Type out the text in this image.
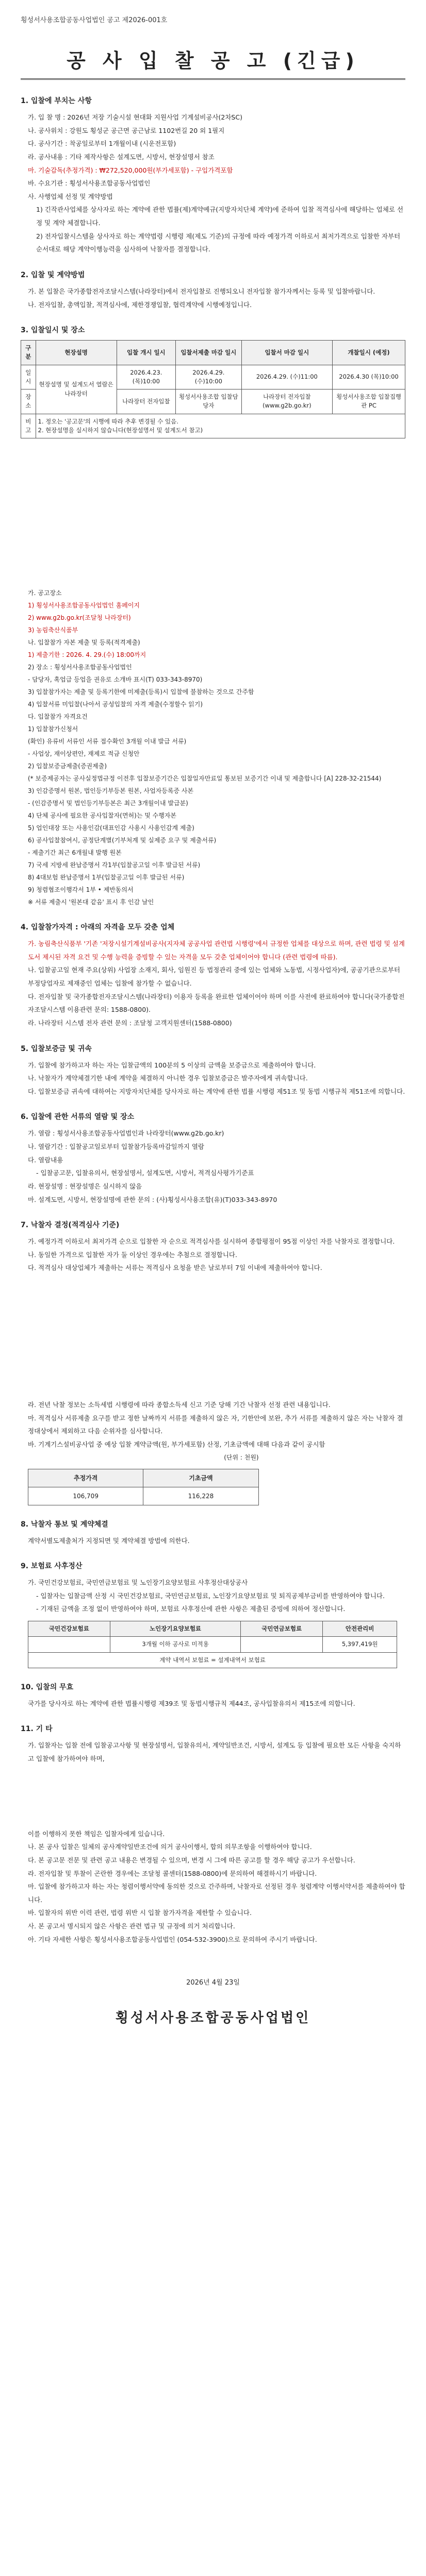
횡성서사용조합공동사업법인 공고 제2026-001호
공 사 입 찰 공 고 (긴급)
1. 입찰에 부치는 사항
가. 입 찰 명 : 2026년 저장 기술시설 현대화 지원사업 기계설비공사(2차SC)
나. 공사위치 : 강원도 횡성군 공근면 공근남로 1102번길 20 외 1필지
다. 공사기간 : 착공일로부터 1개월이내 (시운전포함)
라. 공사내용 : 기타 제작사항은 설계도면, 시방서, 현장설명서 참조
마. 기술감독(추정가격) : ₩272,520,000원(부가세포함) - 구입가격포함
바. 수요기관 : 횡성서사용조합공동사업법인
사. 사행업체 선정 및 계약방법
1) 긴작관사업체를 상사자로 하는 계약에 관한 법률(제)계약예규(지방자치단체 계약)에 준하여 입찰 적격심사에 해당하는 업체로 선정 및 계약 체결합니다.
2) 전자입찰시스템을 상사자로 하는 계약법령 시행령 제(제도 기준)의 규정에 따라 예정가격 이하로서 최저가격으로 입찰한 자부터 순서대로 해당 계약이행능력을 심사하여 낙찰자를 결정합니다.
2. 입찰 및 계약방법
가. 본 입찰은 국가종합전자조달시스템(나라장터)에서 전자입찰로 진행되오니 전자입찰 참가자께서는 등록 및 입찰바랍니다.
나. 전자입찰, 총액입찰, 적격심사에, 제한경쟁입찰, 협력계약에 시행예정입니다.
3. 입찰일시 및 장소
구분	현장설명	입찰 개시 일시	입찰서제출 마감 일시	입찰서 마감 일시	개찰일시 (예정)
일시	현장설명 및 설계도서 열람은 나라장터	2026.4.23. (목)10:00	2026.4.29. (수)10:00	2026.4.29. (수)11:00	2026.4.30 (목)10:00
장소		나라장터 전자입찰	횡성서사용조합 입찰담당자	나라장터 전자입찰 (www.g2b.go.kr)	횡성서사용조합 입찰집행관 PC
비고	1. 정오는 '공고문'의 시행에 따라 추후 변경될 수 있음.
2. 현장설명을 실시하지 않습니다(현장설명서 및 설계도서 참고)				
가. 공고장소
1) 횡성서사용조합공동사업법인 홈페이지
2) www.g2b.go.kr(조달청 나라장터)
3) 농림축산식품부
나. 입찰참가 자본 제출 및 등록(적격제출)
1) 제출기한 : 2026. 4. 29.(수) 18:00까지
2) 장소 : 횡성서사용조합공동사업법인
- 담당자, 혹업급 등업을 권유로 소개바 표시(T) 033-343-8970)
3) 입찰참가자는 제출 및 등록기한에 미제출(등록)시 입찰에 불참하는 것으로 간주함
4) 입찰서류 미입찰(나아서 공성입찰의 자격 제출(수정할수 읽기)
다. 입찰참가 자격요건
1) 입찰참가신청서
(확인) 유류비 서류인 서류 접수확인 3개월 이내 발급 서류)
- 사업상, 재이상편안, 재제로 적금 신청안
2) 입찰보증금제출(증권제출)
(* 보증제공자는 공사실정법규정 이전후 입찰보증기간은 입찰일자만료일 통보된 보증기간 이내 및 제출합니다 [A] 228-32-21544)
3) 인감증명서 원본, 법인등기부등본 원본, 사업자등록증 사본
- (인감증명서 및 법인등기부등본은 최근 3개월이내 발급분)
4) 단체 공사에 필요한 공사입찰자(면허)는 및 수행자본
5) 업인대장 또는 사용인감(대표인감 사용시 사용인감계 제출)
6) 공사입찰참여시, 공정단계별(기부처계 및 실제증 요구 및 제출서류)
- 제출기간 최근 6개월내 발행 원본
7) 국세 지방세 완납증명서 각1부(입찰공고일 이후 발급된 서류)
8) 4대보험 완납증명서 1부(입찰공고일 이후 발급된 서류)
9) 청렴협조이행각서 1부 • 제반동의서
※ 서류 제출시 '원본대 같음' 표시 후 인감 날인
4. 입찰참가자격 : 아래의 자격을 모두 갖춘 업체
가. 농림축산식품부 '기존 '저장시설기계설비공사(지자체 공공사업 관련법 시행령'에서 규정한 업체를 대상으로 하며, 관련 법령 및 설계도서 제시된 자격 요건 및 수행 능력을 증빙할 수 있는 자격을 모두 갖춘 업체이어야 합니다 (관련 법령에 따름).
나. 입찰공고일 현재 주요(상위) 사업장 소재지, 회사, 임원진 등 법정관리 중에 있는 업체와 노동법, 시정사업자)에, 공공기관으로부터 부정당업자로 제재중인 업체는 입찰에 참가할 수 없습니다.
다. 전자입찰 및 국가종합전자조달시스템(나라장터) 이용자 등록을 완료한 업체이어야 하며 이를 사전에 완료하여야 합니다(국가종합전자조달시스템 이용관련 문의: 1588-0800).
라. 나라장터 시스템 전자 관련 문의 : 조달청 고객지원센터(1588-0800)
5. 입찰보증금 및 귀속
가. 입찰에 참가하고자 하는 자는 입찰금액의 100분의 5 이상의 금액을 보증금으로 제출하여야 합니다.
나. 낙찰자가 계약체결기한 내에 계약을 체결하지 아니한 경우 입찰보증금은 발주자에게 귀속합니다.
다. 입찰보증금 귀속에 대하여는 지방자치단체를 당사자로 하는 계약에 관한 법률 시행령 제51조 및 동법 시행규칙 제51조에 의합니다.
6. 입찰에 관한 서류의 열람 및 장소
가. 열람 : 횡성서사용조합공동사업법인과 나라장터(www.g2b.go.kr)
나. 열람기간 : 입찰공고일로부터 입찰참가등록마감일까지 열람
다. 열람내용
- 입찰공고문, 입찰유의서, 현장설명서, 설계도면, 시방서, 적격심사평가기준표
라. 현장설명 : 현장설명은 실시하지 않음
마. 설계도면, 시방서, 현장설명에 관한 문의 : (사)횡성서사용조합(유)(T)033-343-8970
7. 낙찰자 결정(적격심사 기준)
가. 예정가격 이하로서 최저가격 순으로 입찰한 자 순으로 적격심사를 실시하여 종합평점이 95점 이상인 자를 낙찰자로 결정합니다.
나. 동일한 가격으로 입찰한 자가 둘 이상인 경우에는 추첨으로 결정합니다.
다. 적격심사 대상업체가 제출하는 서류는 적격심사 요청을 받은 날로부터 7일 이내에 제출하여야 합니다.
라. 전년 낙찰 정보는 소득세법 시행령에 따라 종합소득세 신고 기준 당해 기간 낙찰자 선정 관련 내용입니다.
마. 적격심사 서류제출 요구를 받고 정한 날짜까지 서류를 제출하지 않은 자, 기한안에 보완, 추가 서류를 제출하지 않은 자는 낙찰자 결정대상에서 제외하고 다음 순위자를 심사합니다.
바. 기계기스설비공사업 중 예상 입찰 계약금액(원, 부가세포함) 산정, 기초금액에 대해 다음과 같이 공시함
(단위 : 천원)
추정가격	기초금액
106,709	116,228
8. 낙찰자 통보 및 계약체결
계약서별도제출처가 지정되면 및 계약체결 방법에 의한다.
9. 보험료 사후정산
가. 국민건강보험료, 국민연금보험료 및 노인장기요양보험료 사후정산대상공사
- 입찰자는 입찰금액 산정 시 국민건강보험료, 국민연금보험료, 노인장기요양보험료 및 퇴직공제부금비를 반영하여야 합니다.
- 기재된 금액을 조정 없이 반영하여야 하며, 보험료 사후정산에 관한 사항은 제출된 증빙에 의하여 정산합니다.
국민건강보험료	노인장기요양보험료	국민연금보험료	안전관리비
	3개월 이하 공사로 미적용		5,397,419원
계약 내역서 보험료 = 설계내역서 보험료			
10. 입찰의 무효
국가를 당사자로 하는 계약에 관한 법률시행령 제39조 및 동법시행규칙 제44조, 공사입찰유의서 제15조에 의합니다.
11. 기 타
가. 입찰자는 입찰 전에 입찰공고사항 및 현장설명서, 입찰유의서, 계약일반조건, 시방서, 설계도 등 입찰에 필요한 모든 사항을 숙지하고 입찰에 참가하여야 하며,
이를 이행하지 못한 책임은 입찰자에게 있습니다.
나. 본 공사 입찰은 일체의 공사계약일반조건에 의거 공사이행서, 합의 의무조항을 이행하여야 합니다.
다. 본 공고문 전문 및 관련 공고 내용은 변경될 수 있으며, 변경 시 그에 따른 공고를 할 경우 해당 공고가 우선합니다.
라. 전자입찰 및 투찰이 곤란한 경우에는 조달청 콜센터(1588-0800)에 문의하여 해결하시기 바랍니다.
마. 입찰에 참가하고자 하는 자는 청렴이행서약에 동의한 것으로 간주하며, 낙찰자로 선정된 경우 청렴계약 이행서약서를 제출하여야 합니다.
바. 입찰자의 위반 이력 관련, 법령 위반 시 입찰 참가자격을 제한할 수 있습니다.
사. 본 공고서 명시되지 않은 사항은 관련 법규 및 규정에 의거 처리합니다.
아. 기타 자세한 사항은 횡성서사용조합공동사업법인 (054-532-3900)으로 문의하여 주시기 바랍니다.
2026년 4월 23일
횡성서사용조합공동사업법인
